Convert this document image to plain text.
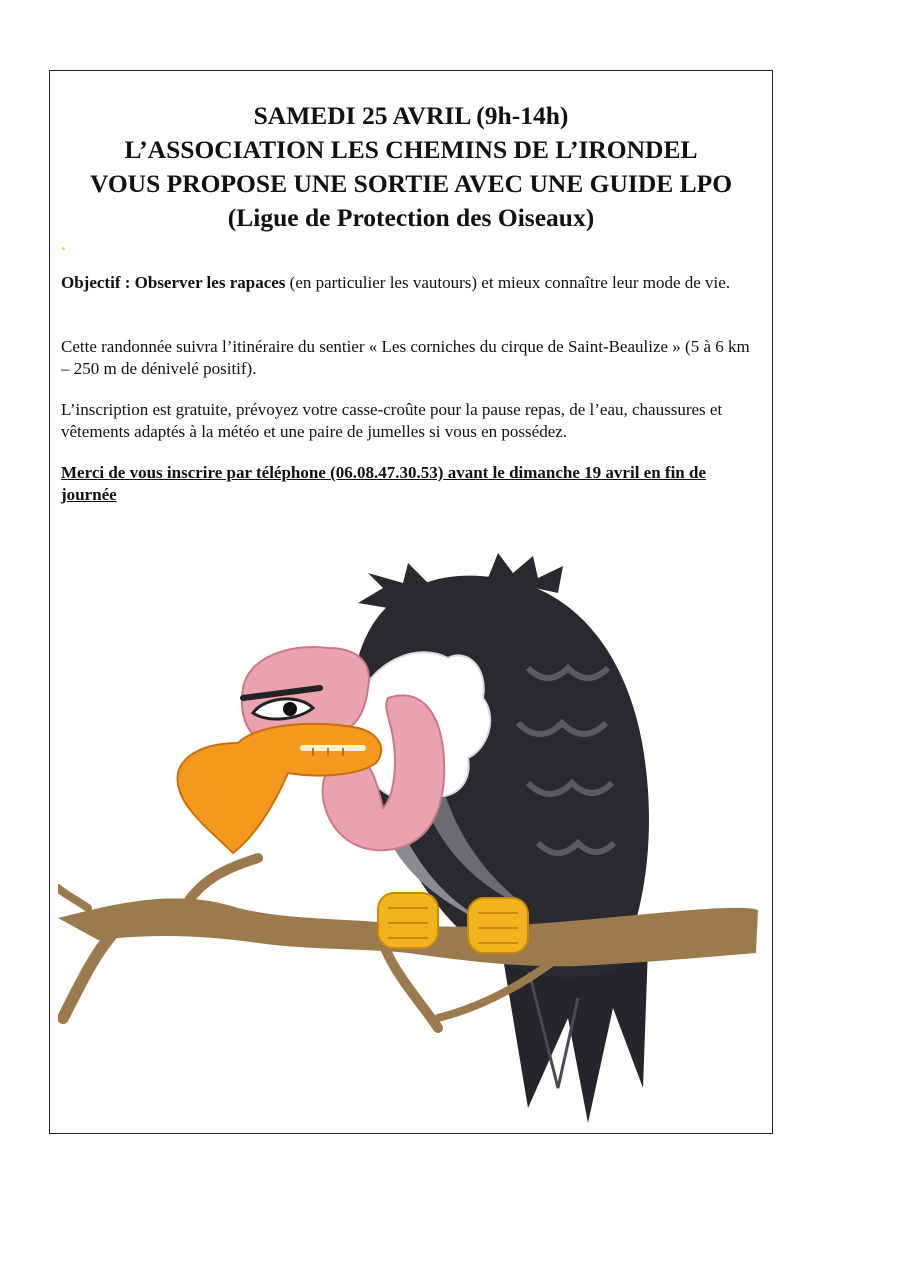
SAMEDI 25 AVRIL (9h-14h)
L’ASSOCIATION LES CHEMINS DE L’IRONDEL
VOUS PROPOSE UNE SORTIE AVEC UNE GUIDE LPO
(Ligue de Protection des Oiseaux)
Objectif : Observer les rapaces (en particulier les vautours) et mieux connaître leur mode de vie.
Cette randonnée suivra l’itinéraire du sentier « Les corniches du cirque de Saint-Beaulize » (5 à 6 km – 250 m de dénivelé positif).
L’inscription est gratuite, prévoyez votre casse-croûte pour la pause repas, de l’eau, chaussures et vêtements adaptés à la météo et une paire de jumelles si vous en possédez.
Merci de vous inscrire par téléphone (06.08.47.30.53) avant le dimanche 19 avril en fin de journée
